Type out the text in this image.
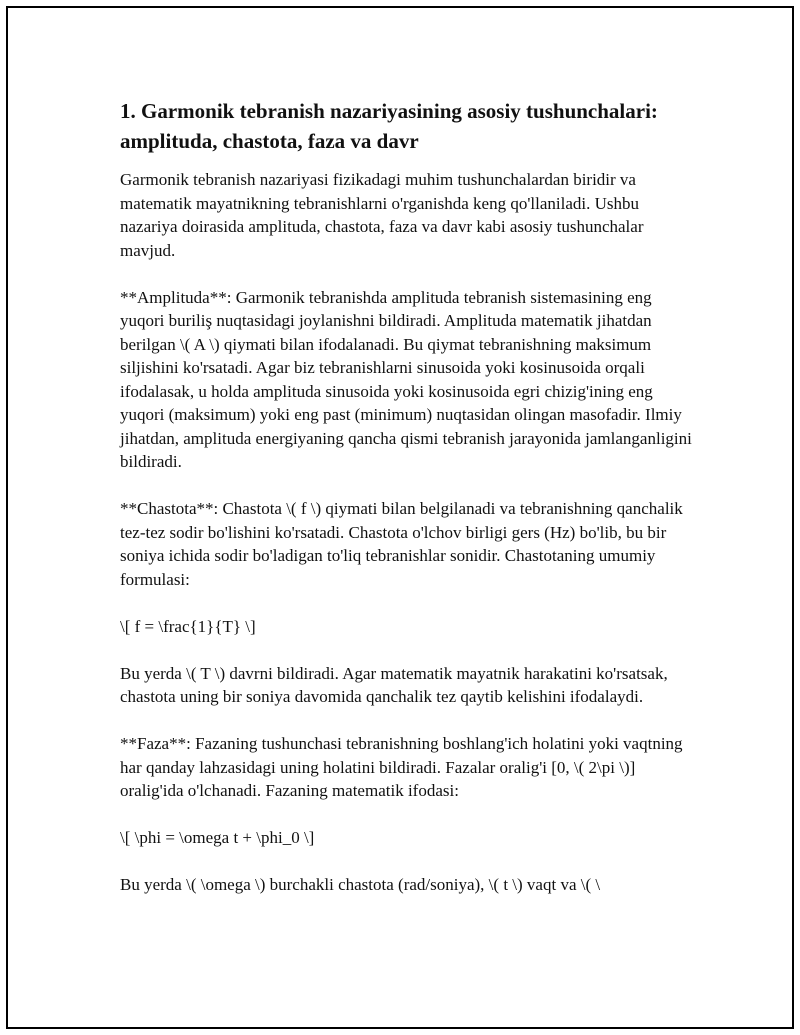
1. Garmonik tebranish nazariyasining asosiy tushunchalari: amplituda, chastota, faza va davr

Garmonik tebranish nazariyasi fizikadagi muhim tushunchalardan biridir va matematik mayatnikning tebranishlarni o'rganishda keng qo'llaniladi. Ushbu nazariya doirasida amplituda, chastota, faza va davr kabi asosiy tushunchalar mavjud.

**Amplituda**: Garmonik tebranishda amplituda tebranish sistemasining eng yuqori buriliş nuqtasidagi joylanishni bildiradi. Amplituda matematik jihatdan berilgan \( A \) qiymati bilan ifodalanadi. Bu qiymat tebranishning maksimum siljishini ko'rsatadi. Agar biz tebranishlarni sinusoida yoki kosinusoida orqali ifodalasak, u holda amplituda sinusoida yoki kosinusoida egri chizig'ining eng yuqori (maksimum) yoki eng past (minimum) nuqtasidan olingan masofadir. Ilmiy jihatdan, amplituda energiyaning qancha qismi tebranish jarayonida jamlanganligini bildiradi.

**Chastota**: Chastota \( f \) qiymati bilan belgilanadi va tebranishning qanchalik tez-tez sodir bo'lishini ko'rsatadi. Chastota o'lchov birligi gers (Hz) bo'lib, bu bir soniya ichida sodir bo'ladigan to'liq tebranishlar sonidir. Chastotaning umumiy formulasi:

\[ f = \frac{1}{T} \]

Bu yerda \( T \) davrni bildiradi. Agar matematik mayatnik harakatini ko'rsatsak, chastota uning bir soniya davomida qanchalik tez qaytib kelishini ifodalaydi.

**Faza**: Fazaning tushunchasi tebranishning boshlang'ich holatini yoki vaqtning har qanday lahzasidagi uning holatini bildiradi. Fazalar oralig'i [0, \( 2\pi \)] oralig'ida o'lchanadi. Fazaning matematik ifodasi:

\[ \phi = \omega t + \phi_0 \]

Bu yerda \( \omega \) burchakli chastota (rad/soniya), \( t \) vaqt va \( \
